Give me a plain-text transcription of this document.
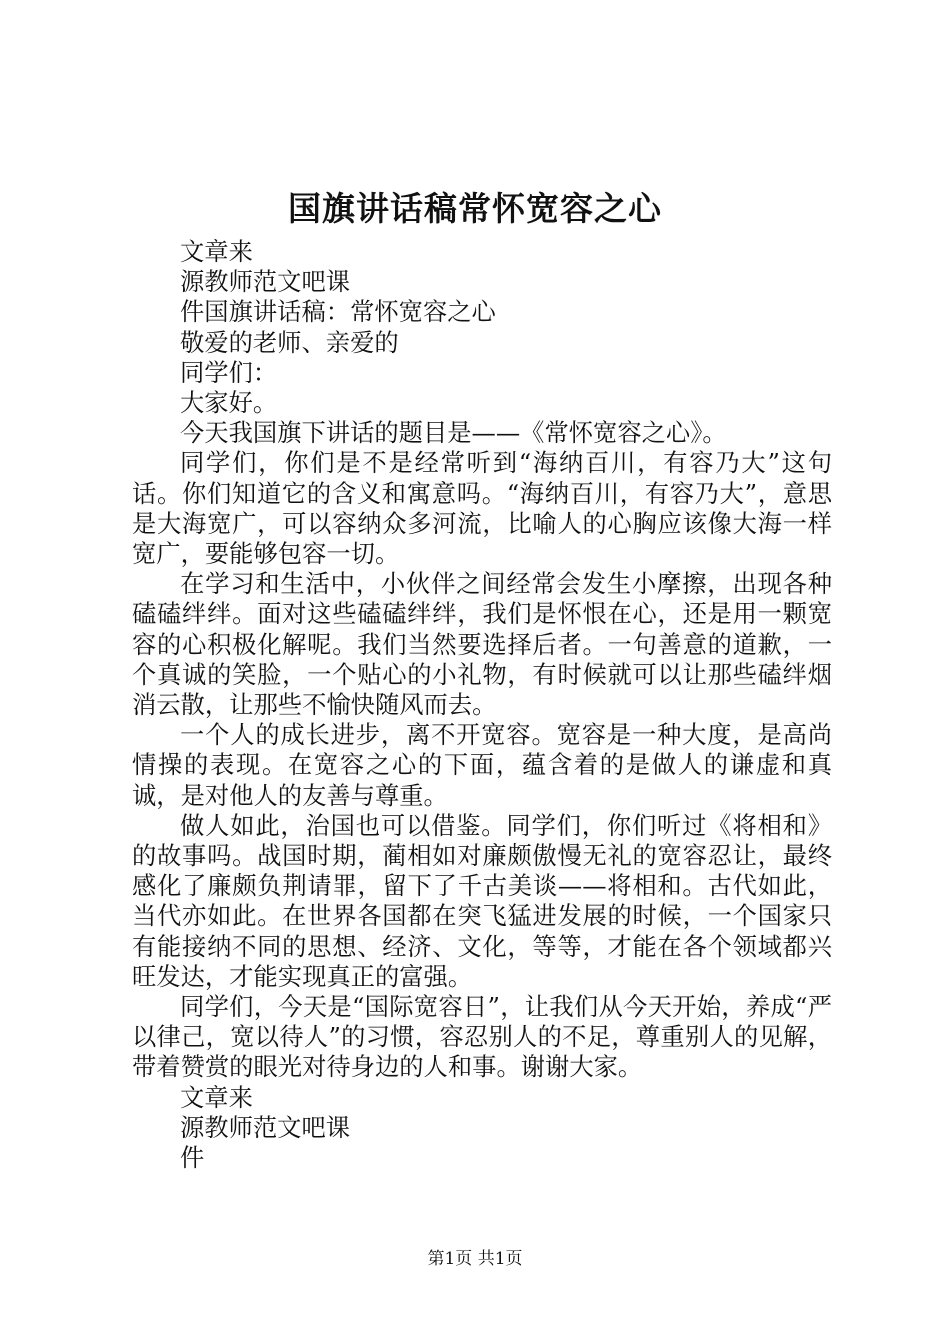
国旗讲话稿常怀宽容之心

文章来

源教师范文吧课

件国旗讲话稿：常怀宽容之心

敬爱的老师、亲爱的

同学们：

大家好。

今天我国旗下讲话的题目是——《常怀宽容之心》。

同学们，你们是不是经常听到“海纳百川，有容乃大”这句话。你们知道它的含义和寓意吗。“海纳百川，有容乃大”，意思是大海宽广，可以容纳众多河流，比喻人的心胸应该像大海一样宽广，要能够包容一切。

在学习和生活中，小伙伴之间经常会发生小摩擦，出现各种磕磕绊绊。面对这些磕磕绊绊，我们是怀恨在心，还是用一颗宽容的心积极化解呢。我们当然要选择后者。一句善意的道歉，一个真诚的笑脸，一个贴心的小礼物，有时候就可以让那些磕绊烟消云散，让那些不愉快随风而去。

一个人的成长进步，离不开宽容。宽容是一种大度，是高尚情操的表现。在宽容之心的下面，蕴含着的是做人的谦虚和真诚，是对他人的友善与尊重。

做人如此，治国也可以借鉴。同学们，你们听过《将相和》的故事吗。战国时期，蔺相如对廉颇傲慢无礼的宽容忍让，最终感化了廉颇负荆请罪，留下了千古美谈——将相和。古代如此，当代亦如此。在世界各国都在突飞猛进发展的时候，一个国家只有能接纳不同的思想、经济、文化，等等，才能在各个领域都兴旺发达，才能实现真正的富强。

同学们，今天是“国际宽容日”，让我们从今天开始，养成“严以律己，宽以待人”的习惯，容忍别人的不足，尊重别人的见解，带着赞赏的眼光对待身边的人和事。谢谢大家。

文章来

源教师范文吧课

件

第1页 共1页
